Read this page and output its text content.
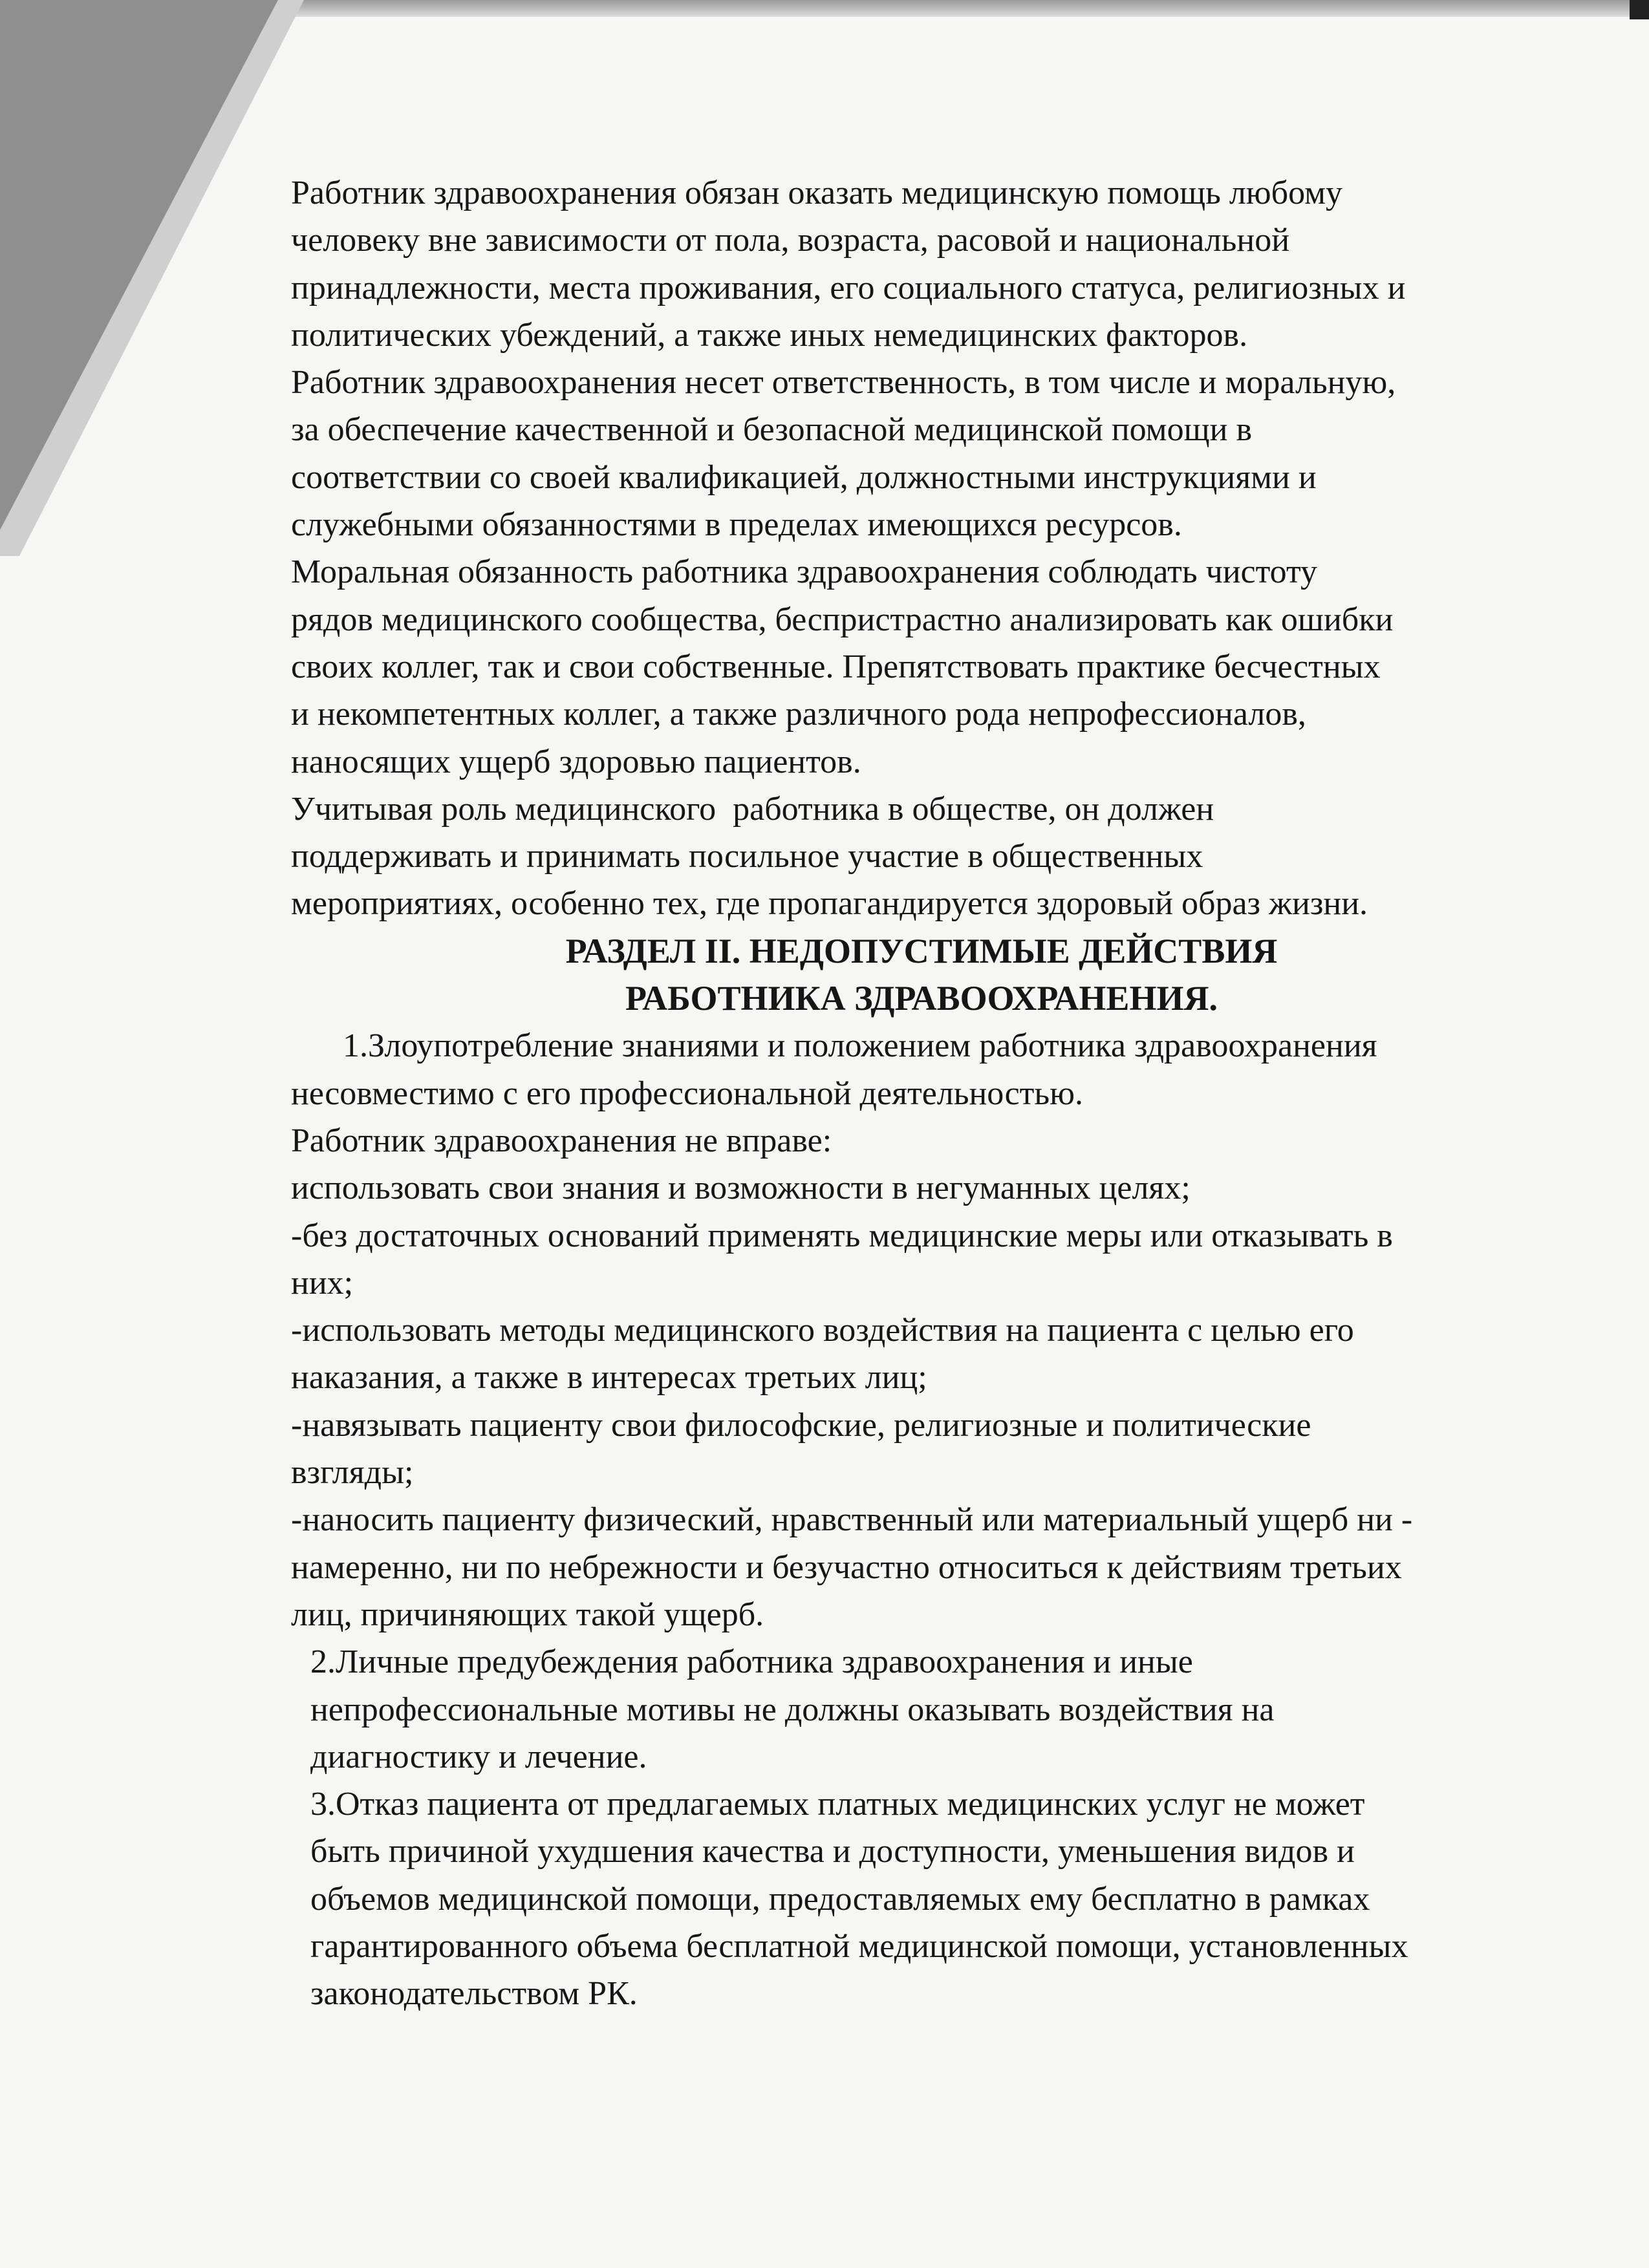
Работник здравоохранения обязан оказать медицинскую помощь любому

человеку вне зависимости от пола, возраста, расовой и национальной

принадлежности, места проживания, его социального статуса, религиозных и

политических убеждений, а также иных немедицинских факторов.

Работник здравоохранения несет ответственность, в том числе и моральную,

за обеспечение качественной и безопасной медицинской помощи в

соответствии со своей квалификацией, должностными инструкциями и

служебными обязанностями в пределах имеющихся ресурсов.

Моральная обязанность работника здравоохранения соблюдать чистоту

рядов медицинского сообщества, беспристрастно анализировать как ошибки

своих коллег, так и свои собственные. Препятствовать практике бесчестных

и некомпетентных коллег, а также различного рода непрофессионалов,

наносящих ущерб здоровью пациентов.

Учитывая роль медицинского  работника в обществе, он должен

поддерживать и принимать посильное участие в общественных

мероприятиях, особенно тех, где пропагандируется здоровый образ жизни.

РАЗДЕЛ II. НЕДОПУСТИМЫЕ ДЕЙСТВИЯ

РАБОТНИКА ЗДРАВООХРАНЕНИЯ.

1.Злоупотребление знаниями и положением работника здравоохранения

несовместимо с его профессиональной деятельностью.

Работник здравоохранения не вправе:

использовать свои знания и возможности в негуманных целях;

-без достаточных оснований применять медицинские меры или отказывать в

них;

-использовать методы медицинского воздействия на пациента с целью его

наказания, а также в интересах третьих лиц;

-навязывать пациенту свои философские, религиозные и политические

взгляды;

-наносить пациенту физический, нравственный или материальный ущерб ни -

намеренно, ни по небрежности и безучастно относиться к действиям третьих

лиц, причиняющих такой ущерб.

2.Личные предубеждения работника здравоохранения и иные

непрофессиональные мотивы не должны оказывать воздействия на

диагностику и лечение.

3.Отказ пациента от предлагаемых платных медицинских услуг не может

быть причиной ухудшения качества и доступности, уменьшения видов и

объемов медицинской помощи, предоставляемых ему бесплатно в рамках

гарантированного объема бесплатной медицинской помощи, установленных

законодательством РК.
